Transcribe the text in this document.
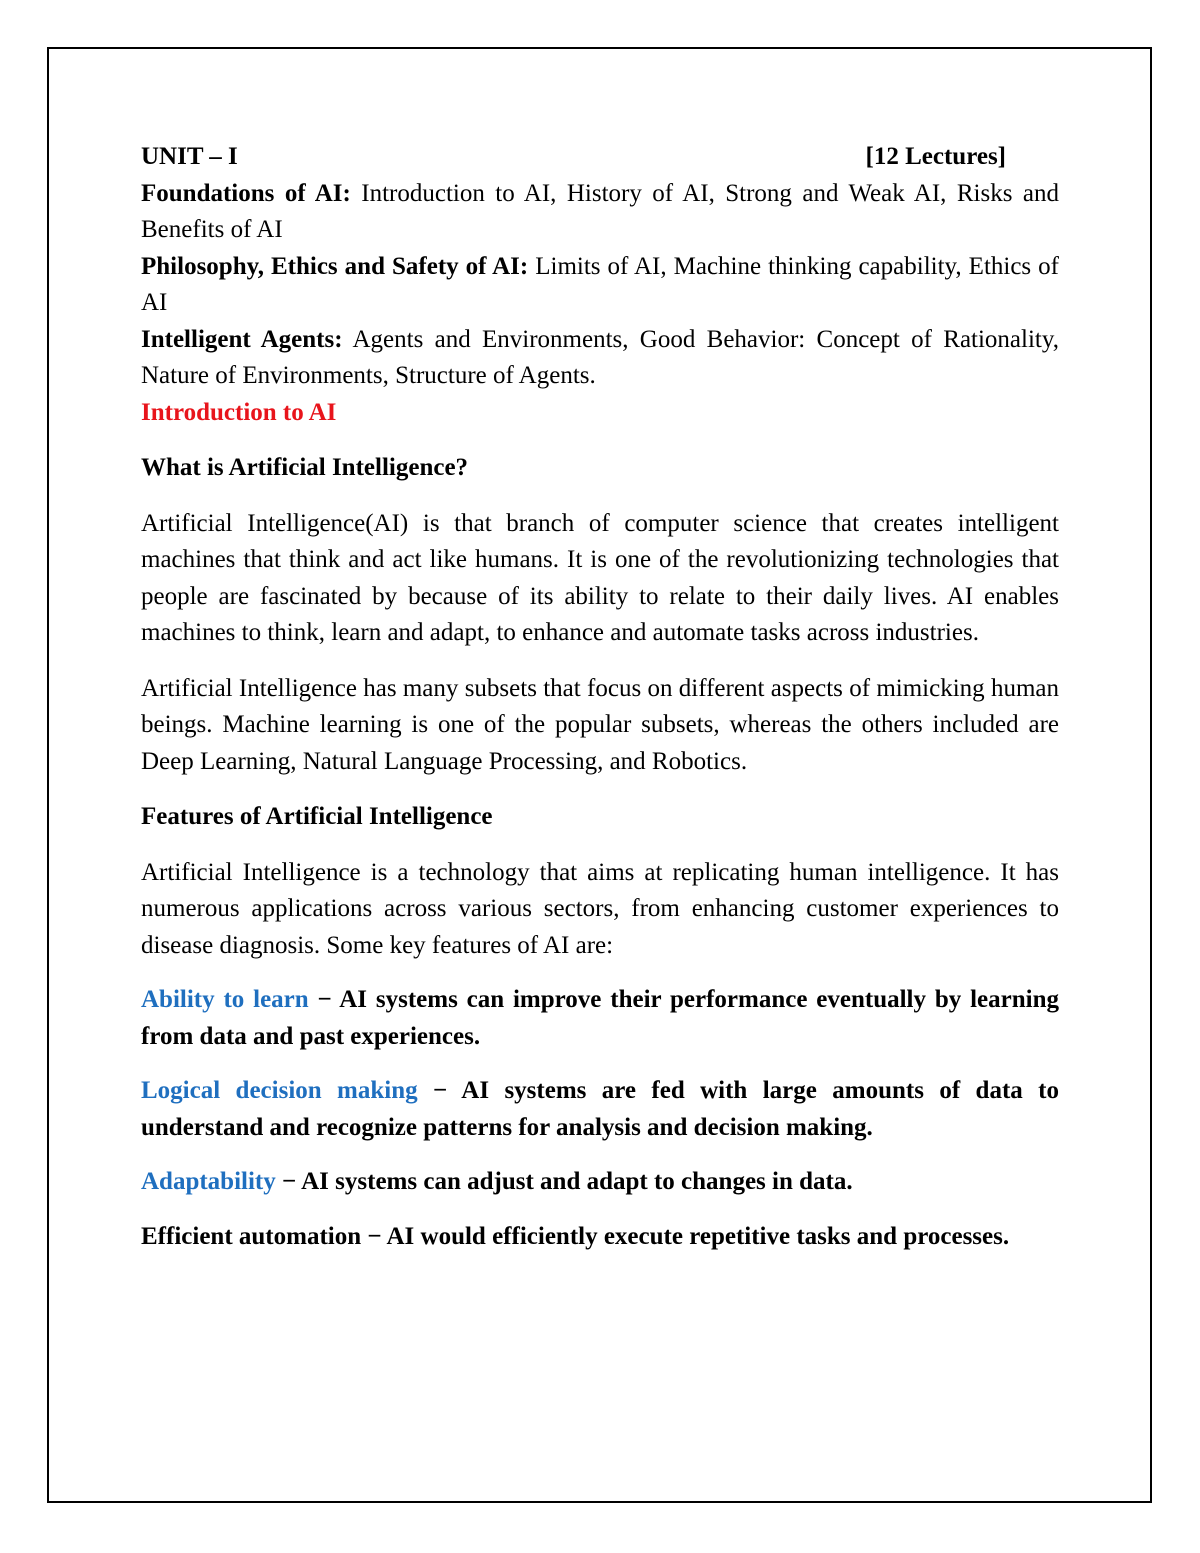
UNIT – I	[12 Lectures]

Foundations of AI: Introduction to AI, History of AI, Strong and Weak AI, Risks and Benefits of AI

Philosophy, Ethics and Safety of AI: Limits of AI, Machine thinking capability, Ethics of AI

Intelligent Agents: Agents and Environments, Good Behavior: Concept of Rationality, Nature of Environments, Structure of Agents.

Introduction to AI
What is Artificial Intelligence?

Artificial Intelligence(AI) is that branch of computer science that creates intelligent machines that think and act like humans. It is one of the revolutionizing technologies that people are fascinated by because of its ability to relate to their daily lives. AI enables machines to think, learn and adapt, to enhance and automate tasks across industries.

Artificial Intelligence has many subsets that focus on different aspects of mimicking human beings. Machine learning is one of the popular subsets, whereas the others included are Deep Learning, Natural Language Processing, and Robotics.

Features of Artificial Intelligence

Artificial Intelligence is a technology that aims at replicating human intelligence. It has numerous applications across various sectors, from enhancing customer experiences to disease diagnosis. Some key features of AI are:

Ability to learn − AI systems can improve their performance eventually by learning from data and past experiences.

Logical decision making − AI systems are fed with large amounts of data to understand and recognize patterns for analysis and decision making.

Adaptability − AI systems can adjust and adapt to changes in data.

Efficient automation − AI would efficiently execute repetitive tasks and processes.
